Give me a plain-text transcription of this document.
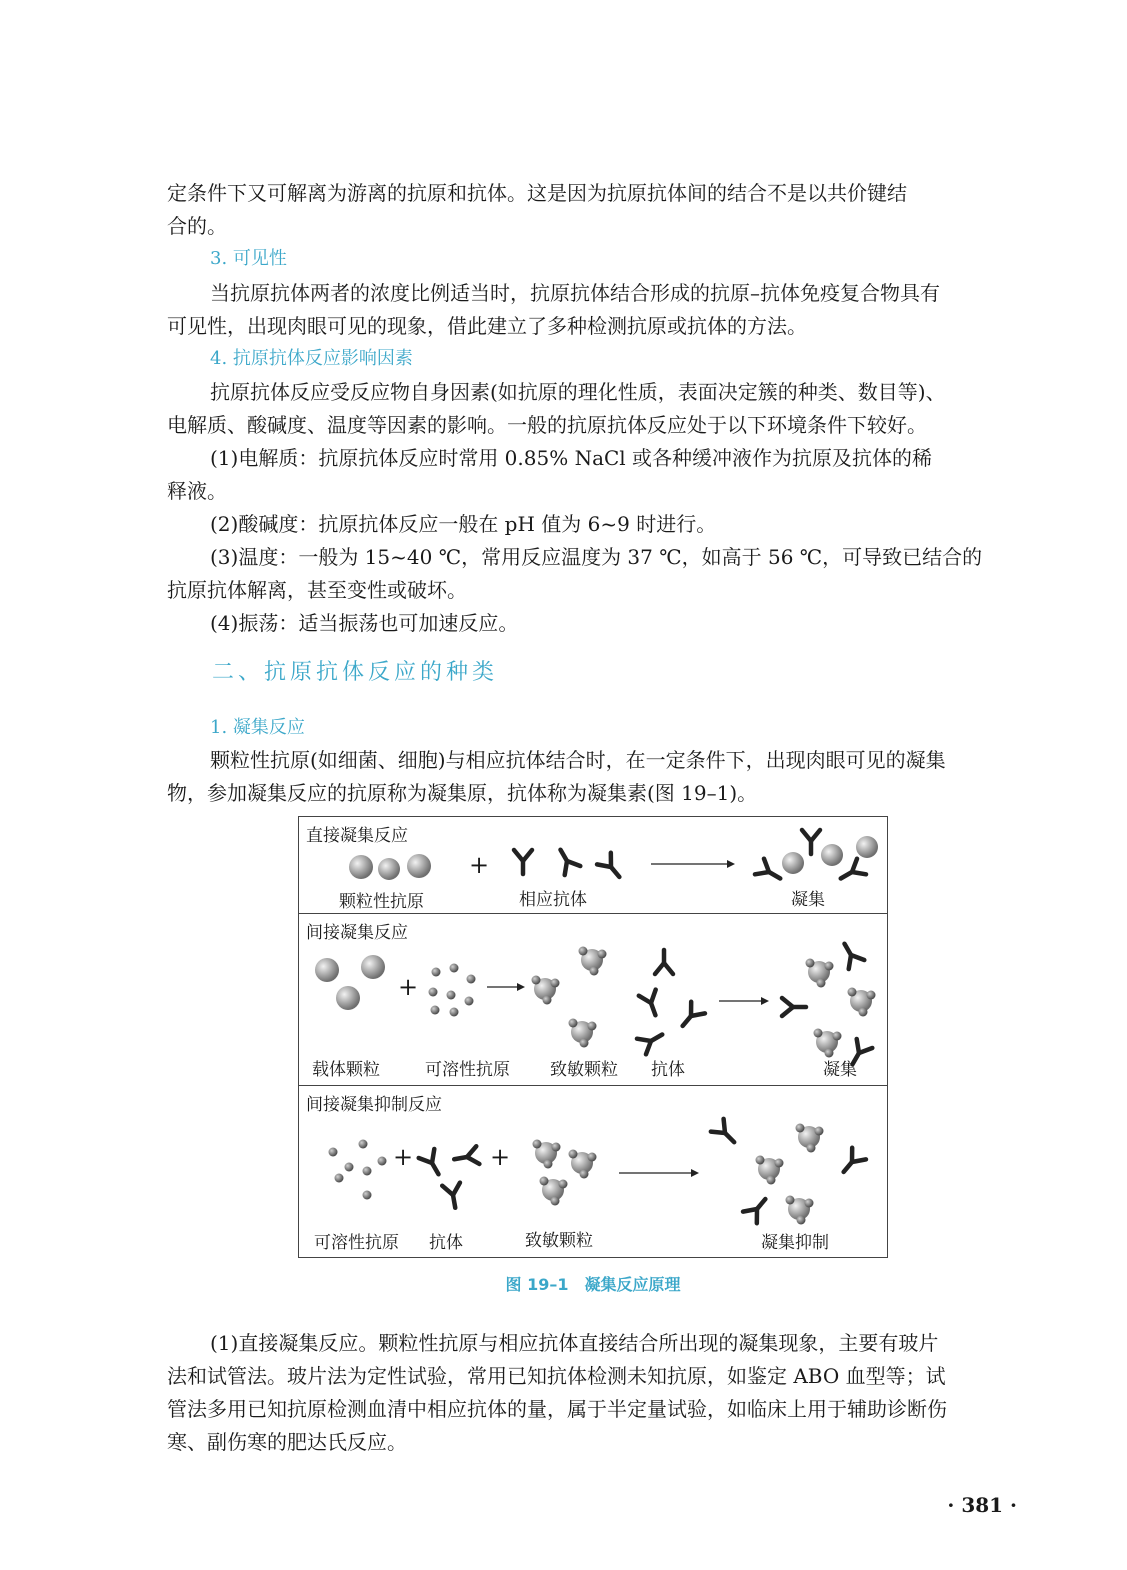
定条件下又可解离为游离的抗原和抗体。这是因为抗原抗体间的结合不是以共价键结
合的。
3. 可见性
当抗原抗体两者的浓度比例适当时，抗原抗体结合形成的抗原–抗体免疫复合物具有
可见性，出现肉眼可见的现象，借此建立了多种检测抗原或抗体的方法。
4. 抗原抗体反应影响因素
抗原抗体反应受反应物自身因素(如抗原的理化性质，表面决定簇的种类、数目等)、
电解质、酸碱度、温度等因素的影响。一般的抗原抗体反应处于以下环境条件下较好。
(1)电解质：抗原抗体反应时常用 0.85% NaCl 或各种缓冲液作为抗原及抗体的稀
释液。
(2)酸碱度：抗原抗体反应一般在 pH 值为 6~9 时进行。
(3)温度：一般为 15~40 ℃，常用反应温度为 37 ℃，如高于 56 ℃，可导致已结合的
抗原抗体解离，甚至变性或破坏。
(4)振荡：适当振荡也可加速反应。
二、抗原抗体反应的种类
1. 凝集反应
颗粒性抗原(如细菌、细胞)与相应抗体结合时，在一定条件下，出现肉眼可见的凝集
物，参加凝集反应的抗原称为凝集原，抗体称为凝集素(图 19–1)。
直接凝集反应
+
颗粒性抗原	相应抗体	凝集
间接凝集反应
+
载体颗粒	可溶性抗原 致敏颗粒 抗体	凝集
间接凝集抑制反应
+	+
可溶性抗原 抗体	致敏颗粒	凝集抑制
图 19–1　凝集反应原理
(1)直接凝集反应。颗粒性抗原与相应抗体直接结合所出现的凝集现象，主要有玻片
法和试管法。玻片法为定性试验，常用已知抗体检测未知抗原，如鉴定 ABO 血型等；试
管法多用已知抗原检测血清中相应抗体的量，属于半定量试验，如临床上用于辅助诊断伤
寒、副伤寒的肥达氏反应。
· 381 ·
